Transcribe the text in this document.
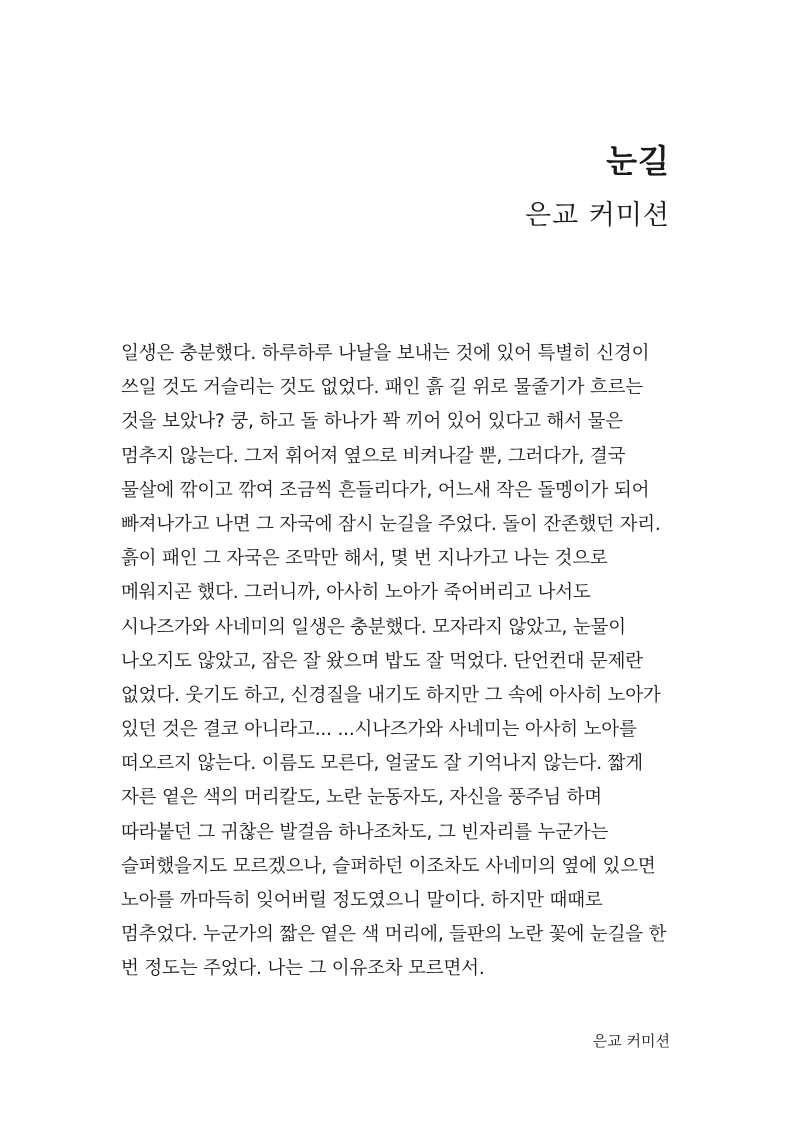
눈길
은교 커미션
일생은 충분했다. 하루하루 나날을 보내는 것에 있어 특별히 신경이
쓰일 것도 거슬리는 것도 없었다. 패인 흙 길 위로 물줄기가 흐르는
것을 보았나? 쿵, 하고 돌 하나가 꽉 끼어 있어 있다고 해서 물은
멈추지 않는다. 그저 휘어져 옆으로 비켜나갈 뿐, 그러다가, 결국
물살에 깎이고 깎여 조금씩 흔들리다가, 어느새 작은 돌멩이가 되어
빠져나가고 나면 그 자국에 잠시 눈길을 주었다. 돌이 잔존했던 자리.
흙이 패인 그 자국은 조막만 해서, 몇 번 지나가고 나는 것으로
메워지곤 했다. 그러니까, 아사히 노아가 죽어버리고 나서도
시나즈가와 사네미의 일생은 충분했다. 모자라지 않았고, 눈물이
나오지도 않았고, 잠은 잘 왔으며 밥도 잘 먹었다. 단언컨대 문제란
없었다. 웃기도 하고, 신경질을 내기도 하지만 그 속에 아사히 노아가
있던 것은 결코 아니라고... ...시나즈가와 사네미는 아사히 노아를
떠오르지 않는다. 이름도 모른다, 얼굴도 잘 기억나지 않는다. 짧게
자른 옅은 색의 머리칼도, 노란 눈동자도, 자신을 풍주님 하며
따라붙던 그 귀찮은 발걸음 하나조차도, 그 빈자리를 누군가는
슬퍼했을지도 모르겠으나, 슬퍼하던 이조차도 사네미의 옆에 있으면
노아를 까마득히 잊어버릴 정도였으니 말이다. 하지만 때때로
멈추었다. 누군가의 짧은 옅은 색 머리에, 들판의 노란 꽃에 눈길을 한
번 정도는 주었다. 나는 그 이유조차 모르면서.
은교 커미션
